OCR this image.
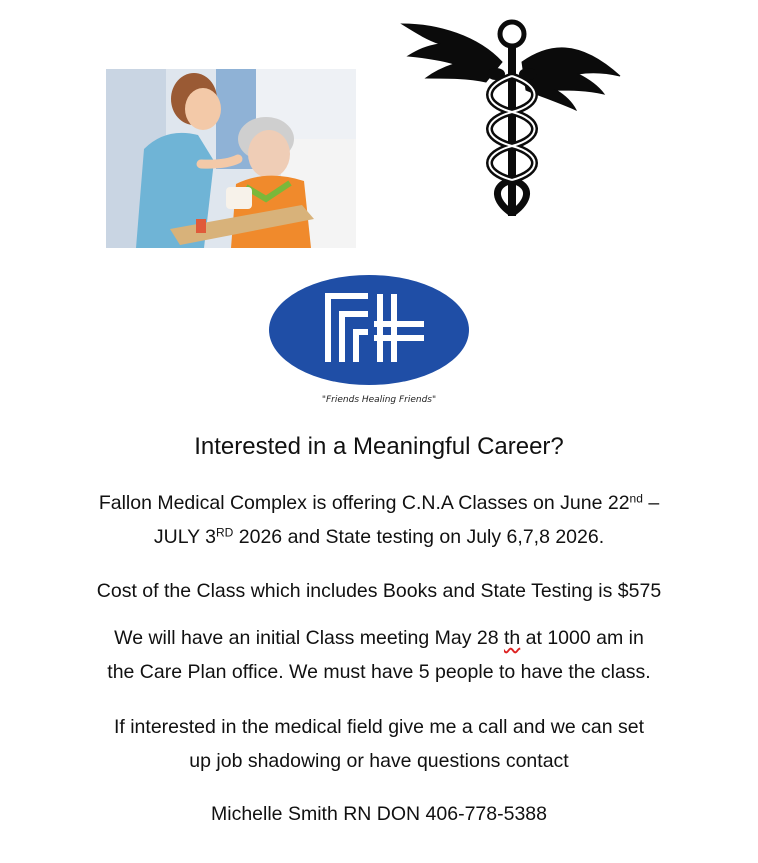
"Friends Healing Friends"
Interested in a Meaningful Career?
Fallon Medical Complex is offering C.N.A Classes on June 22nd –
JULY 3RD 2026 and State testing on July 6,7,8 2026.
Cost of the Class which includes Books and State Testing is $575
We will have an initial Class meeting May 28 th at 1000 am in
the Care Plan office. We must have 5 people to have the class.
If interested in the medical field give me a call and we can set
up job shadowing or have questions contact
Michelle Smith RN DON 406-778-5388
